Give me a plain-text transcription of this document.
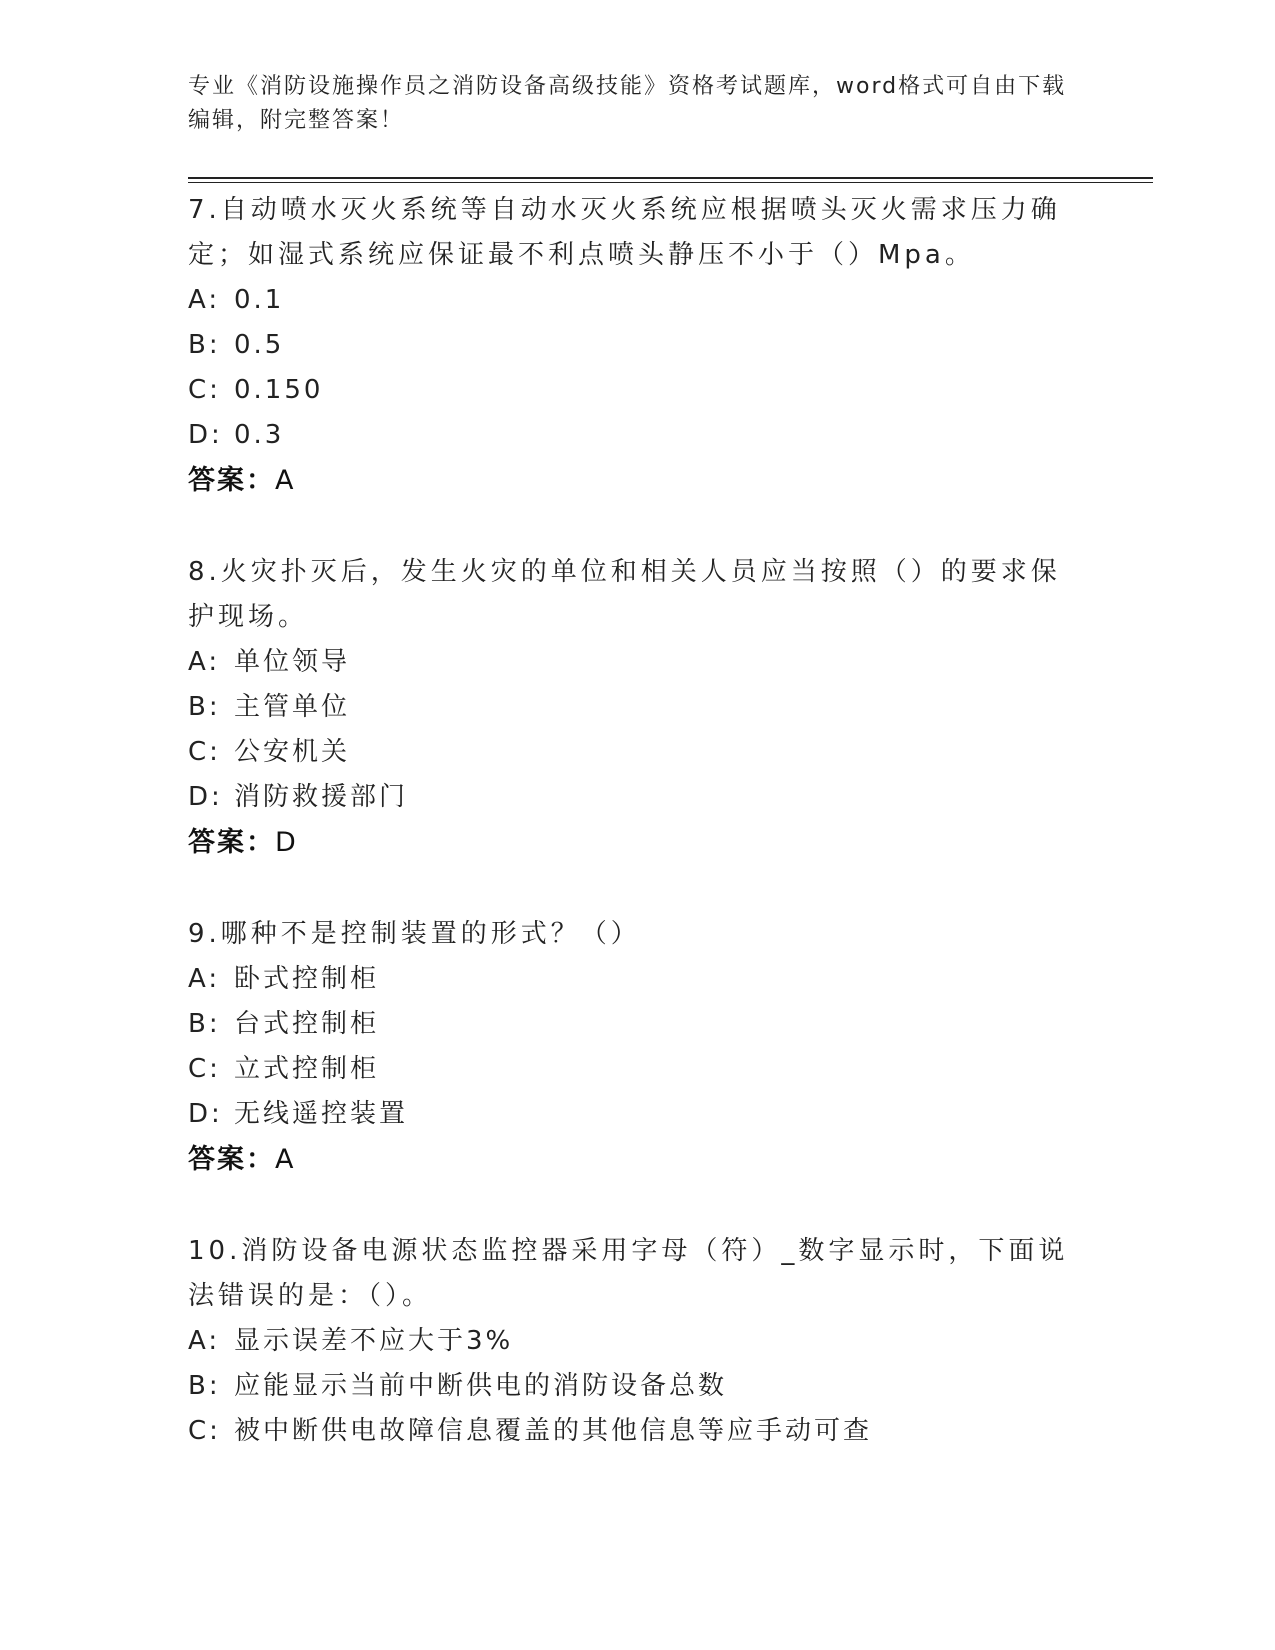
专业《消防设施操作员之消防设备高级技能》资格考试题库，word格式可自由下载编辑，附完整答案！
7.自动喷水灭火系统等自动水灭火系统应根据喷头灭火需求压力确定；如湿式系统应保证最不利点喷头静压不小于（）Mpa。
A: 0.1
B: 0.5
C: 0.150
D: 0.3
答案：A
8.火灾扑灭后，发生火灾的单位和相关人员应当按照（）的要求保护现场。
A: 单位领导
B: 主管单位
C: 公安机关
D: 消防救援部门
答案：D
9.哪种不是控制装置的形式？（）
A: 卧式控制柜
B: 台式控制柜
C: 立式控制柜
D: 无线遥控装置
答案：A
10.消防设备电源状态监控器采用字母（符）_数字显示时，下面说法错误的是：（）。
A: 显示误差不应大于3%
B: 应能显示当前中断供电的消防设备总数
C: 被中断供电故障信息覆盖的其他信息等应手动可查
